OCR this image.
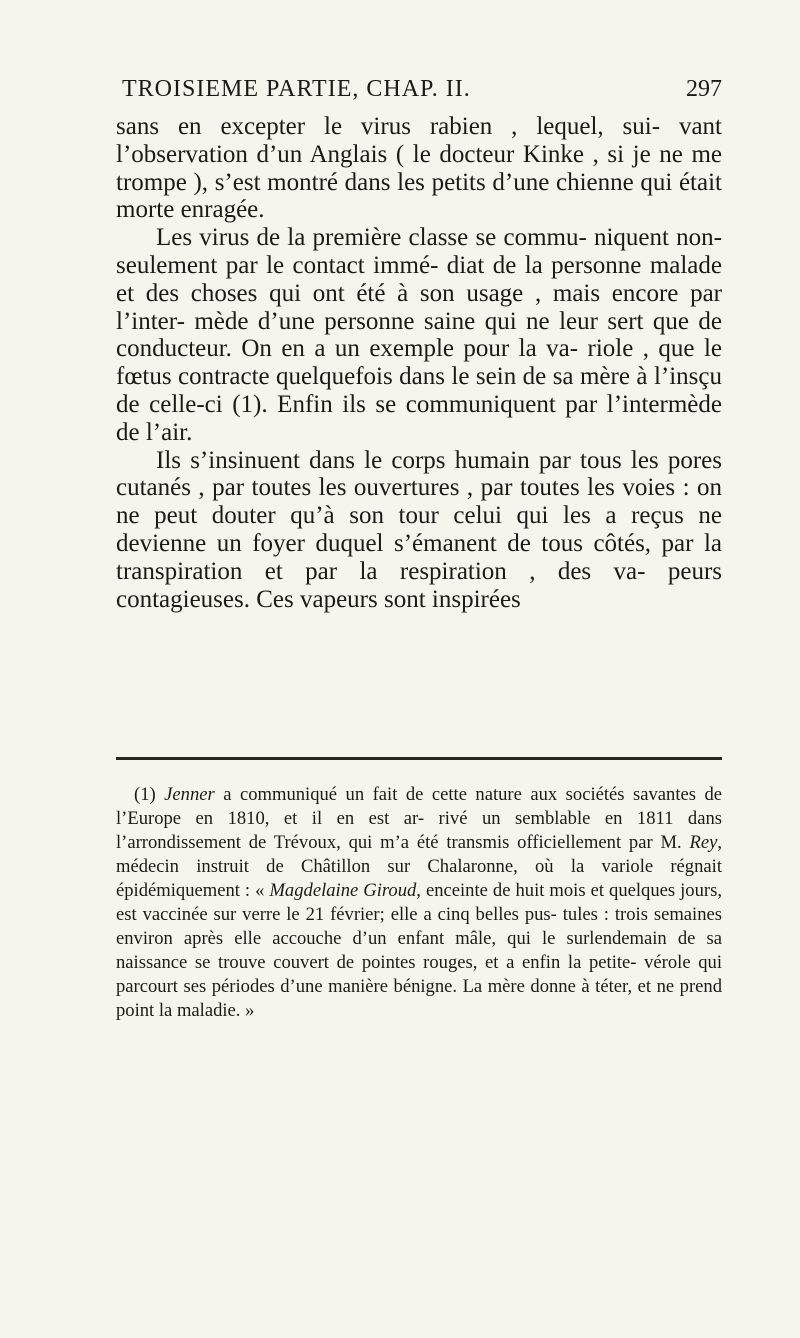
TROISIEME PARTIE, CHAP. II.	297

sans en excepter le virus rabien , lequel, sui- vant l’observation d’un Anglais ( le docteur Kinke , si je ne me trompe ), s’est montré dans les petits d’une chienne qui était morte enragée.

Les virus de la première classe se commu- niquent non-seulement par le contact immé- diat de la personne malade et des choses qui ont été à son usage , mais encore par l’inter- mède d’une personne saine qui ne leur sert que de conducteur. On en a un exemple pour la va- riole , que le fœtus contracte quelquefois dans le sein de sa mère à l’insçu de celle-ci (1). Enfin ils se communiquent par l’intermède de l’air.

Ils s’insinuent dans le corps humain par tous les pores cutanés , par toutes les ouvertures , par toutes les voies : on ne peut douter qu’à son tour celui qui les a reçus ne devienne un foyer duquel s’émanent de tous côtés, par la transpiration et par la respiration , des va- peurs contagieuses. Ces vapeurs sont inspirées

(1) Jenner a communiqué un fait de cette nature aux sociétés savantes de l’Europe en 1810, et il en est ar- rivé un semblable en 1811 dans l’arrondissement de Trévoux, qui m’a été transmis officiellement par M. Rey, médecin instruit de Châtillon sur Chalaronne, où la variole régnait épidémiquement : « Magdelaine Giroud, enceinte de huit mois et quelques jours, est vaccinée sur verre le 21 février; elle a cinq belles pus- tules : trois semaines environ après elle accouche d’un enfant mâle, qui le surlendemain de sa naissance se trouve couvert de pointes rouges, et a enfin la petite- vérole qui parcourt ses périodes d’une manière bénigne. La mère donne à téter, et ne prend point la maladie. »
